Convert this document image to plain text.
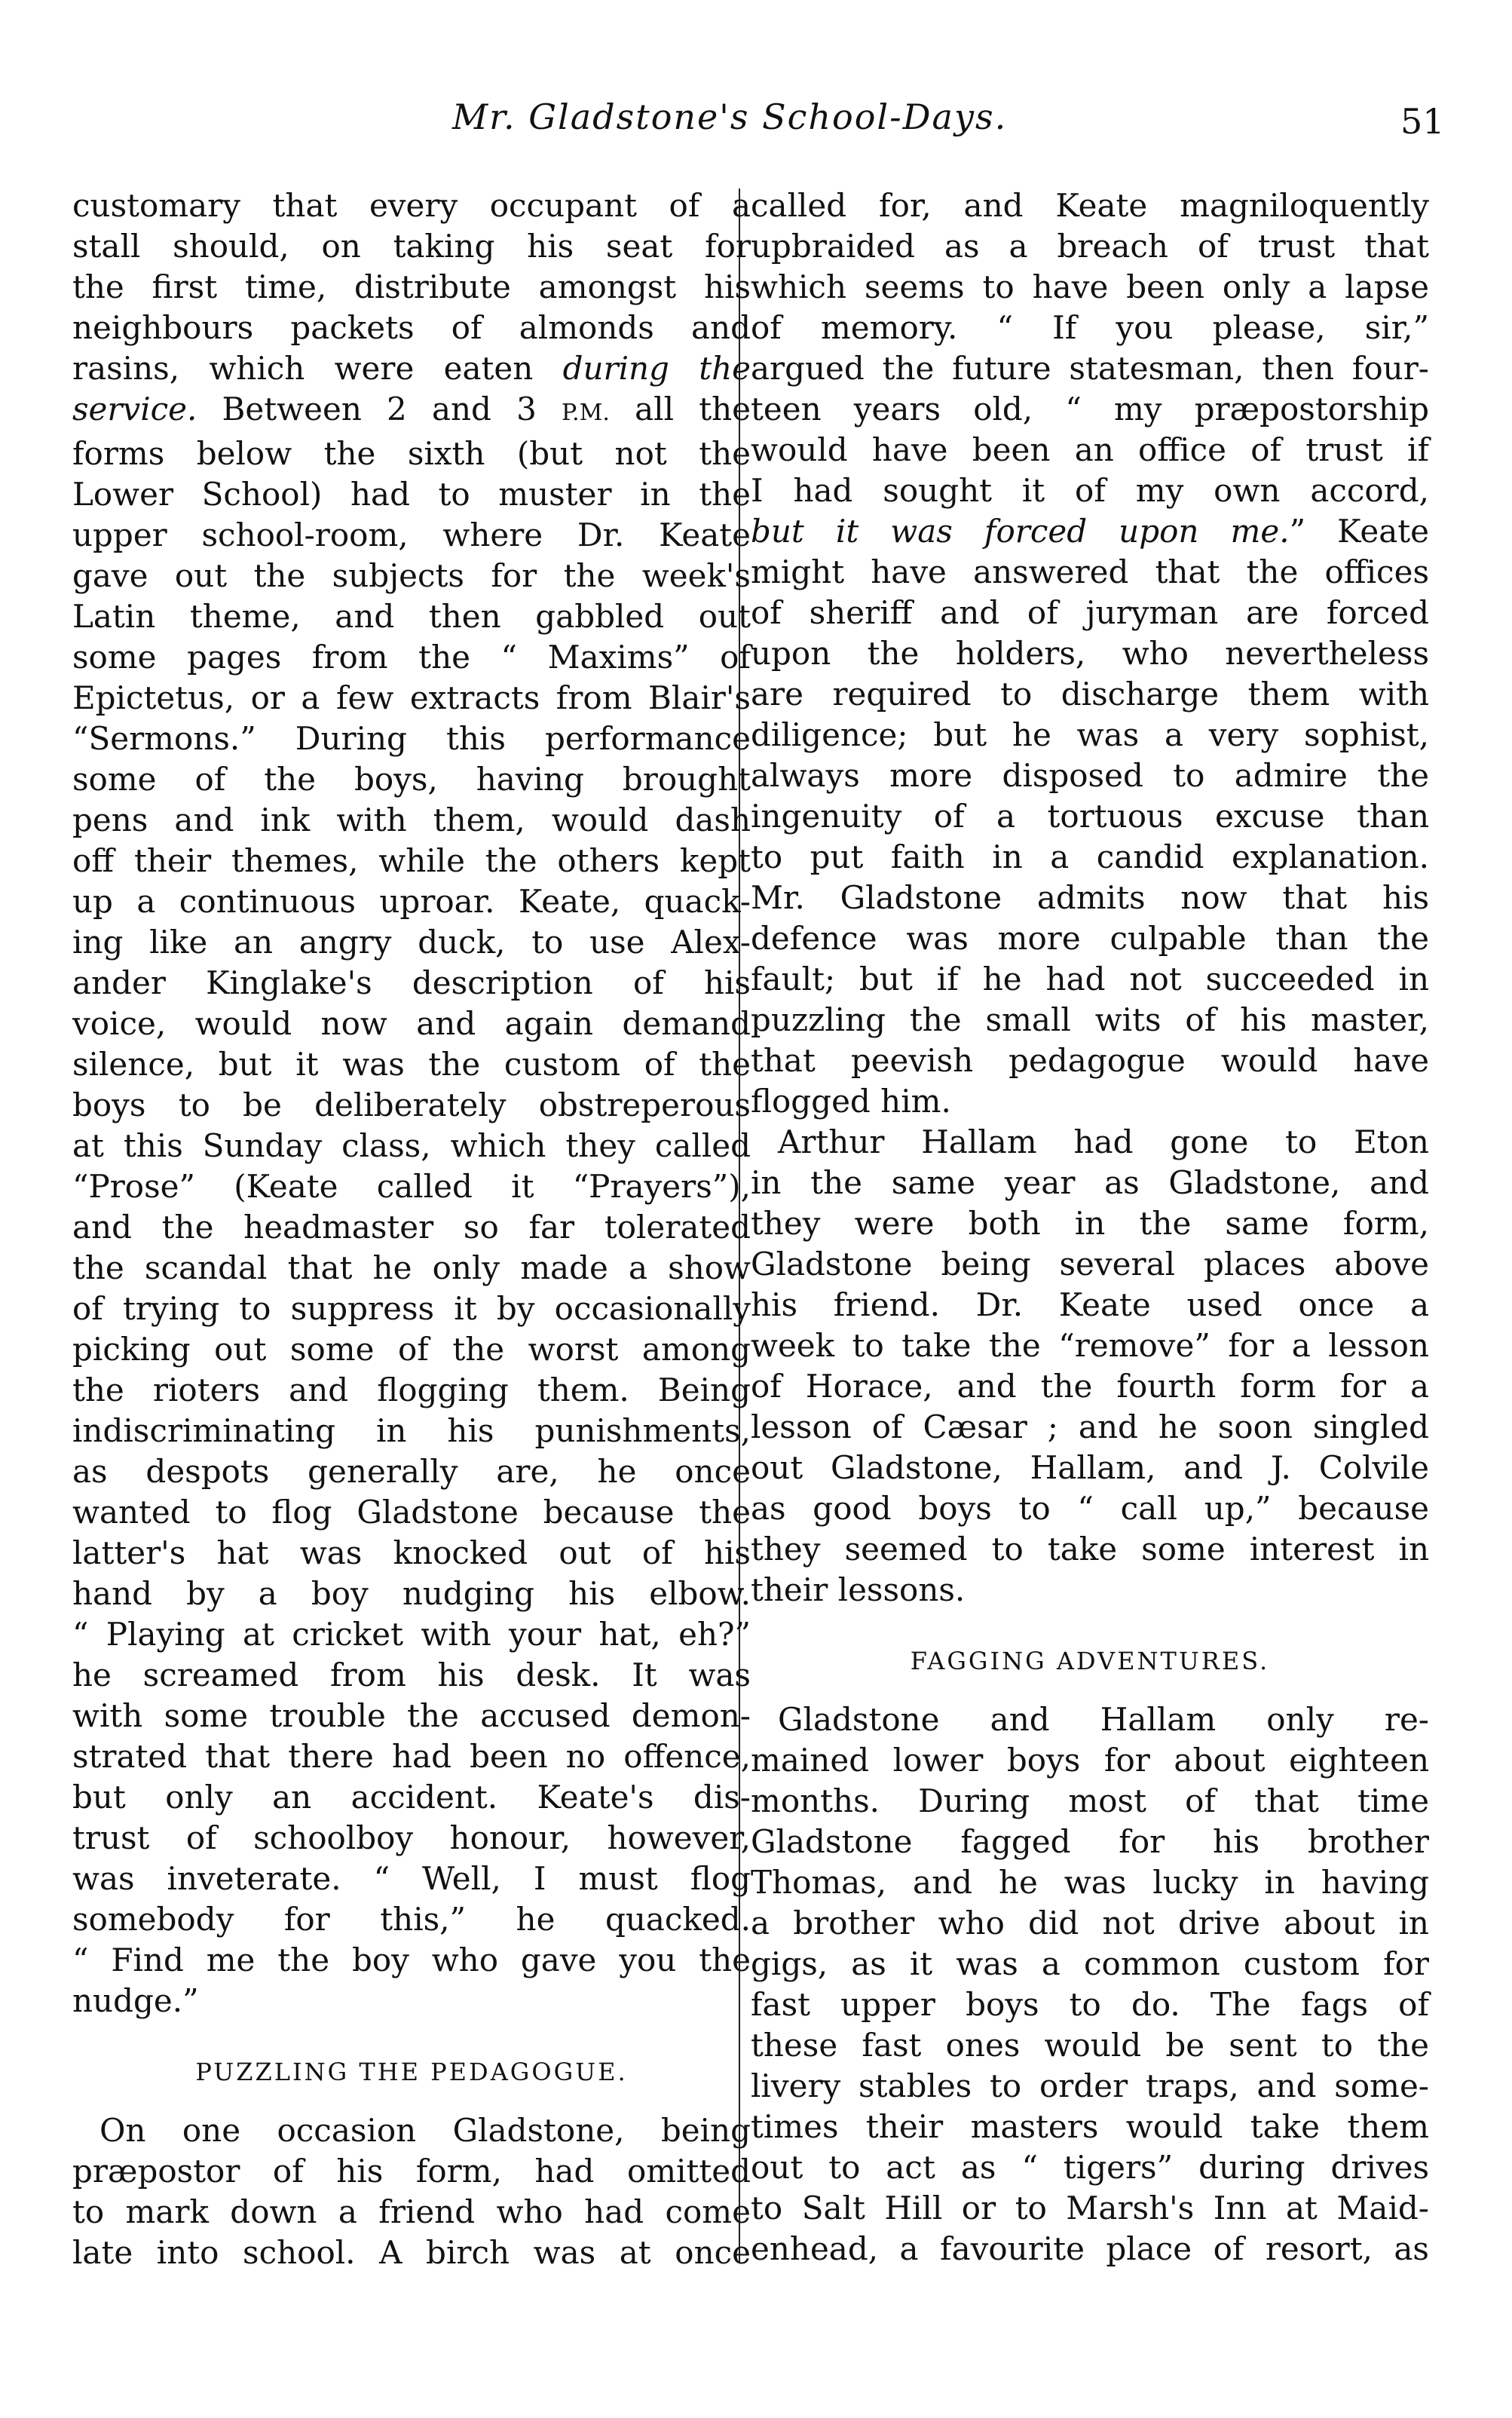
Mr. Gladstone's School-Days.	51
customary that every occupant of a
stall should, on taking his seat for
the first time, distribute amongst his
neighbours packets of almonds and
rasins, which were eaten during the
service. Between 2 and 3 P.M. all the
forms below the sixth (but not the
Lower School) had to muster in the
upper school-room, where Dr. Keate
gave out the subjects for the week's
Latin theme, and then gabbled out
some pages from the “ Maxims” of
Epictetus, or a few extracts from Blair's
“Sermons.” During this performance
some of the boys, having brought
pens and ink with them, would dash
off their themes, while the others kept
up a continuous uproar. Keate, quack-
ing like an angry duck, to use Alex-
ander Kinglake's description of his
voice, would now and again demand
silence, but it was the custom of the
boys to be deliberately obstreperous
at this Sunday class, which they called
“Prose” (Keate called it “Prayers”),
and the headmaster so far tolerated
the scandal that he only made a show
of trying to suppress it by occasionally
picking out some of the worst among
the rioters and flogging them. Being
indiscriminating in his punishments,
as despots generally are, he once
wanted to flog Gladstone because the
latter's hat was knocked out of his
hand by a boy nudging his elbow.
“ Playing at cricket with your hat, eh?”
he screamed from his desk. It was
with some trouble the accused demon-
strated that there had been no offence,
but only an accident. Keate's dis-
trust of schoolboy honour, however,
was inveterate. “ Well, I must flog
somebody for this,” he quacked.
“ Find me the boy who gave you the
nudge.”
PUZZLING THE PEDAGOGUE.
On one occasion Gladstone, being
præpostor of his form, had omitted
to mark down a friend who had come
late into school. A birch was at once
called for, and Keate magniloquently
upbraided as a breach of trust that
which seems to have been only a lapse
of memory. “ If you please, sir,”
argued the future statesman, then four-
teen years old, “ my præpostorship
would have been an office of trust if
I had sought it of my own accord,
but it was forced upon me.” Keate
might have answered that the offices
of sheriff and of juryman are forced
upon the holders, who nevertheless
are required to discharge them with
diligence; but he was a very sophist,
always more disposed to admire the
ingenuity of a tortuous excuse than
to put faith in a candid explanation.
Mr. Gladstone admits now that his
defence was more culpable than the
fault; but if he had not succeeded in
puzzling the small wits of his master,
that peevish pedagogue would have
flogged him.
Arthur Hallam had gone to Eton
in the same year as Gladstone, and
they were both in the same form,
Gladstone being several places above
his friend. Dr. Keate used once a
week to take the “remove” for a lesson
of Horace, and the fourth form for a
lesson of Cæsar ; and he soon singled
out Gladstone, Hallam, and J. Colvile
as good boys to “ call up,” because
they seemed to take some interest in
their lessons.
FAGGING ADVENTURES.
Gladstone and Hallam only re-
mained lower boys for about eighteen
months. During most of that time
Gladstone fagged for his brother
Thomas, and he was lucky in having
a brother who did not drive about in
gigs, as it was a common custom for
fast upper boys to do. The fags of
these fast ones would be sent to the
livery stables to order traps, and some-
times their masters would take them
out to act as “ tigers” during drives
to Salt Hill or to Marsh's Inn at Maid-
enhead, a favourite place of resort, as
